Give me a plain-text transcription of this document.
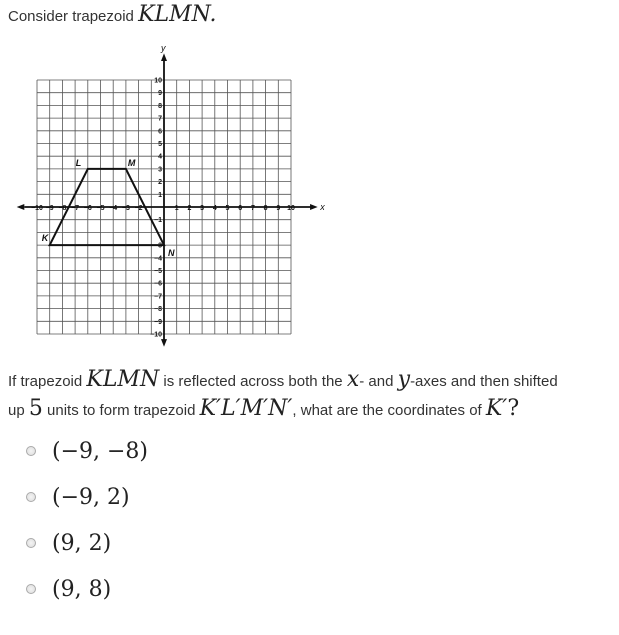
Consider trapezoid KLMN.
x
y
−10 −9 −8 −7 −6 −5 −4 −3 −2	1 2 3 4 5 6 7 8 9 10
10
9
8
7
6
5
4
3
2
1
−1
−3
−4
−5
−6
−7
−8
−9
−10
K
L	M
N
If trapezoid KLMN is reflected across both the x- and y-axes and then shifted
up 5 units to form trapezoid K′L′M′N′, what are the coordinates of K′?
(−9, −8)
(−9, 2)
(9, 2)
(9, 8)
